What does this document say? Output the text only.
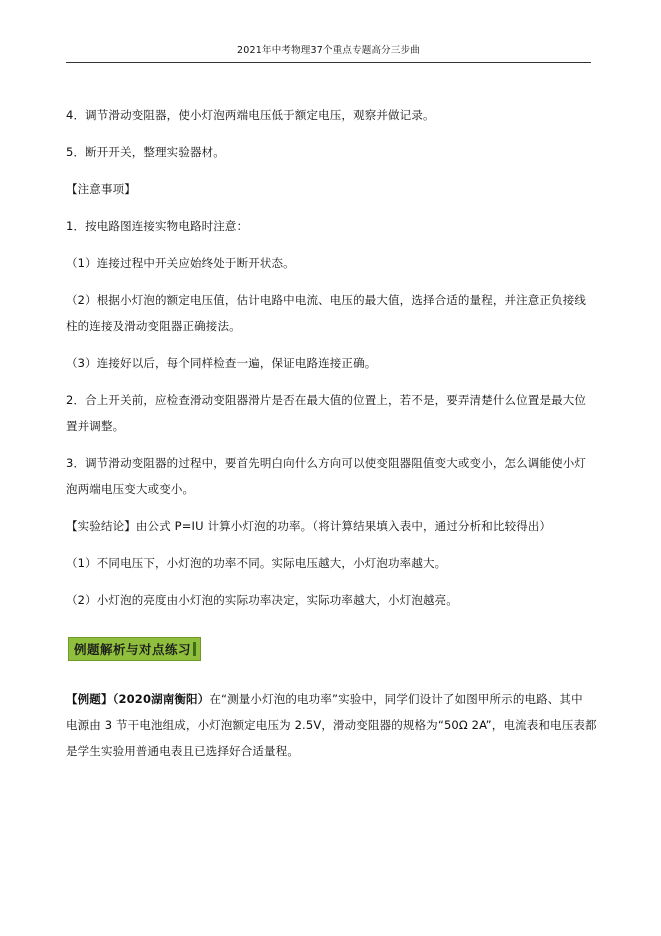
2021年中考物理37个重点专题高分三步曲
4．调节滑动变阻器，使小灯泡两端电压低于额定电压，观察并做记录。
5．断开开关，整理实验器材。
【注意事项】
1．按电路图连接实物电路时注意：
（1）连接过程中开关应始终处于断开状态。
（2）根据小灯泡的额定电压值，估计电路中电流、电压的最大值，选择合适的量程，并注意正负接线
柱的连接及滑动变阻器正确接法。
（3）连接好以后，每个同样检查一遍，保证电路连接正确。
2．合上开关前，应检查滑动变阻器滑片是否在最大值的位置上，若不是，要弄清楚什么位置是最大位
置并调整。
3．调节滑动变阻器的过程中，要首先明白向什么方向可以使变阻器阻值变大或变小，怎么调能使小灯
泡两端电压变大或变小。
【实验结论】由公式 P=IU 计算小灯泡的功率。（将计算结果填入表中，通过分析和比较得出）
（1）不同电压下，小灯泡的功率不同。实际电压越大，小灯泡功率越大。
（2）小灯泡的亮度由小灯泡的实际功率决定，实际功率越大，小灯泡越亮。
【例题】（2020湖南衡阳）在“测量小灯泡的电功率”实验中，同学们设计了如图甲所示的电路、其中
电源由 3 节干电池组成，小灯泡额定电压为 2.5V，滑动变阻器的规格为“50Ω 2A”，电流表和电压表都
是学生实验用普通电表且已选择好合适量程。
例题解析与对点练习
